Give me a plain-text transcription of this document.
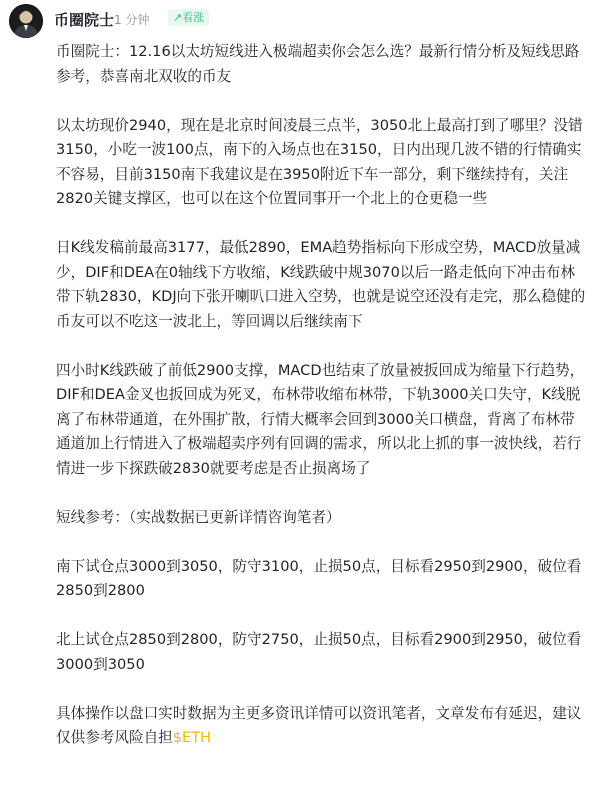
币圈院士 1 分钟	↗看涨

币圈院士：12.16以太坊短线进入极端超卖你会怎么选？最新行情分析及短线思路参考，恭喜南北双收的币友

以太坊现价2940，现在是北京时间凌晨三点半，3050北上最高打到了哪里？没错3150，小吃一波100点，南下的入场点也在3150，日内出现几波不错的行情确实不容易，目前3150南下我建议是在3950附近下车一部分，剩下继续持有，关注2820关键支撑区，也可以在这个位置同事开一个北上的仓更稳一些

日K线发稿前最高3177，最低2890，EMA趋势指标向下形成空势，MACD放量减少，DIF和DEA在0轴线下方收缩，K线跌破中规3070以后一路走低向下冲击布林带下轨2830，KDJ向下张开喇叭口进入空势，也就是说空还没有走完，那么稳健的币友可以不吃这一波北上，等回调以后继续南下

四小时K线跌破了前低2900支撑，MACD也结束了放量被扳回成为缩量下行趋势，DIF和DEA金叉也扳回成为死叉，布林带收缩布林带，下轨3000关口失守，K线脱离了布林带通道，在外围扩散，行情大概率会回到3000关口横盘，背离了布林带通道加上行情进入了极端超卖序列有回调的需求，所以北上抓的事一波快线，若行情进一步下探跌破2830就要考虑是否止损离场了

短线参考：（实战数据已更新详情咨询笔者）

南下试仓点3000到3050，防守3100，止损50点，目标看2950到2900，破位看2850到2800

北上试仓点2850到2800，防守2750，止损50点，目标看2900到2950，破位看3000到3050

具体操作以盘口实时数据为主更多资讯详情可以资讯笔者，文章发布有延迟，建议仅供参考风险自担$ETH
